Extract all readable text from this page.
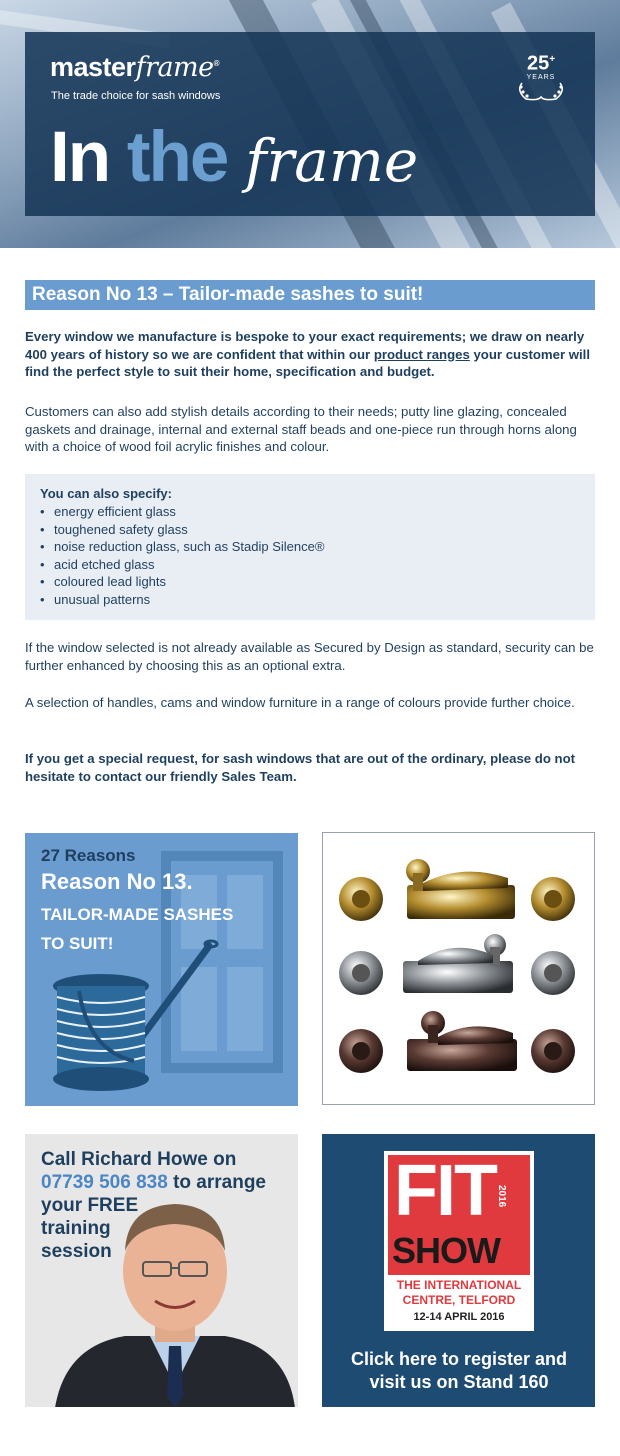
masterframe®
The trade choice for sash windows
25+
YEARS
In the frame
Reason No 13 – Tailor-made sashes to suit!
Every window we manufacture is bespoke to your exact requirements; we draw on nearly 400 years of history so we are confident that within our product ranges your customer will find the perfect style to suit their home, specification and budget.
Customers can also add stylish details according to their needs; putty line glazing, concealed gaskets and drainage, internal and external staff beads and one-piece run through horns along with a choice of wood foil acrylic finishes and colour.
You can also specify:
• energy efficient glass
• toughened safety glass
• noise reduction glass, such as Stadip Silence®
• acid etched glass
• coloured lead lights
• unusual patterns
If the window selected is not already available as Secured by Design as standard, security can be further enhanced by choosing this as an optional extra.
A selection of handles, cams and window furniture in a range of colours provide further choice.
If you get a special request, for sash windows that are out of the ordinary, please do not hesitate to contact our friendly Sales Team.
27 Reasons
Reason No 13.
TAILOR-MADE SASHES
TO SUIT!
Call Richard Howe on
07739 506 838 to arrange
your FREE
training
session
FIT 2016
SHOW
THE INTERNATIONAL
CENTRE, TELFORD
12-14 APRIL 2016
Click here to register and
visit us on Stand 160
